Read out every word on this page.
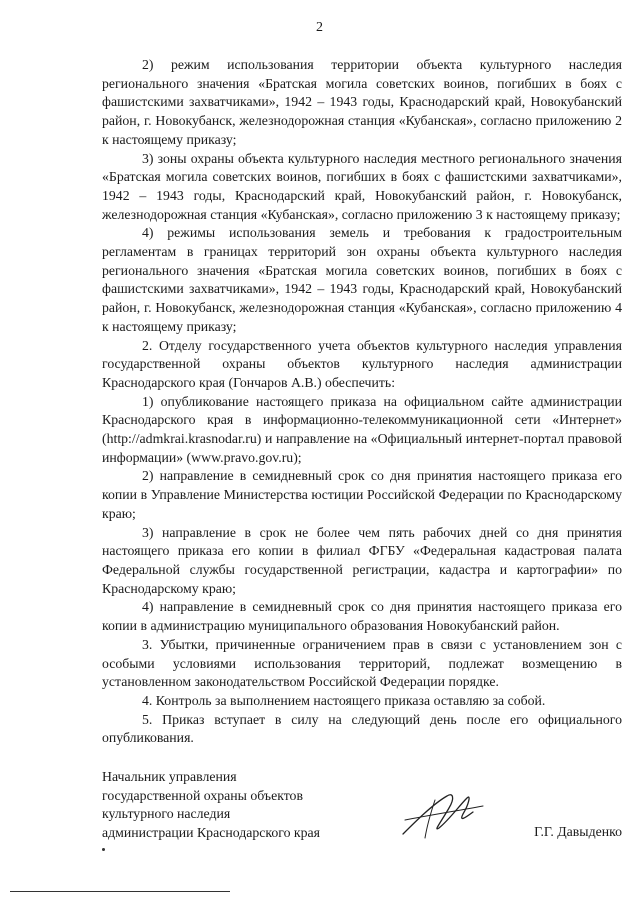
2

2) режим использования территории объекта культурного наследия регионального значения «Братская могила советских воинов, погибших в боях с фашистскими захватчиками», 1942 – 1943 годы, Краснодарский край, Новокубанский район, г. Новокубанск, железнодорожная станция «Кубанская», согласно приложению 2 к настоящему приказу;

3) зоны охраны объекта культурного наследия местного регионального значения «Братская могила советских воинов, погибших в боях с фашистскими захватчиками», 1942 – 1943 годы, Краснодарский край, Новокубанский район, г. Новокубанск, железнодорожная станция «Кубанская», согласно приложению 3 к настоящему приказу;

4) режимы использования земель и требования к градостроительным регламентам в границах территорий зон охраны объекта культурного наследия регионального значения «Братская могила советских воинов, погибших в боях с фашистскими захватчиками», 1942 – 1943 годы, Краснодарский край, Новокубанский район, г. Новокубанск, железнодорожная станция «Кубанская», согласно приложению 4 к настоящему приказу;

2. Отделу государственного учета объектов культурного наследия управления государственной охраны объектов культурного наследия администрации Краснодарского края (Гончаров А.В.) обеспечить:

1) опубликование настоящего приказа на официальном сайте администрации Краснодарского края в информационно-телекоммуникационной сети «Интернет» (http://admkrai.krasnodar.ru) и направление на «Официальный интернет-портал правовой информации» (www.pravo.gov.ru);

2) направление в семидневный срок со дня принятия настоящего приказа его копии в Управление Министерства юстиции Российской Федерации по Краснодарскому краю;

3) направление в срок не более чем пять рабочих дней со дня принятия настоящего приказа его копии в филиал ФГБУ «Федеральная кадастровая палата Федеральной службы государственной регистрации, кадастра и картографии» по Краснодарскому краю;

4) направление в семидневный срок со дня принятия настоящего приказа его копии в администрацию муниципального образования Новокубанский район.

3. Убытки, причиненные ограничением прав в связи с установлением зон с особыми условиями использования территорий, подлежат возмещению в установленном законодательством Российской Федерации порядке.

4. Контроль за выполнением настоящего приказа оставляю за собой.

5. Приказ вступает в силу на следующий день после его официального опубликования.

Начальник управления
государственной охраны объектов
культурного наследия
администрации Краснодарского края	Г.Г. Давыденко
